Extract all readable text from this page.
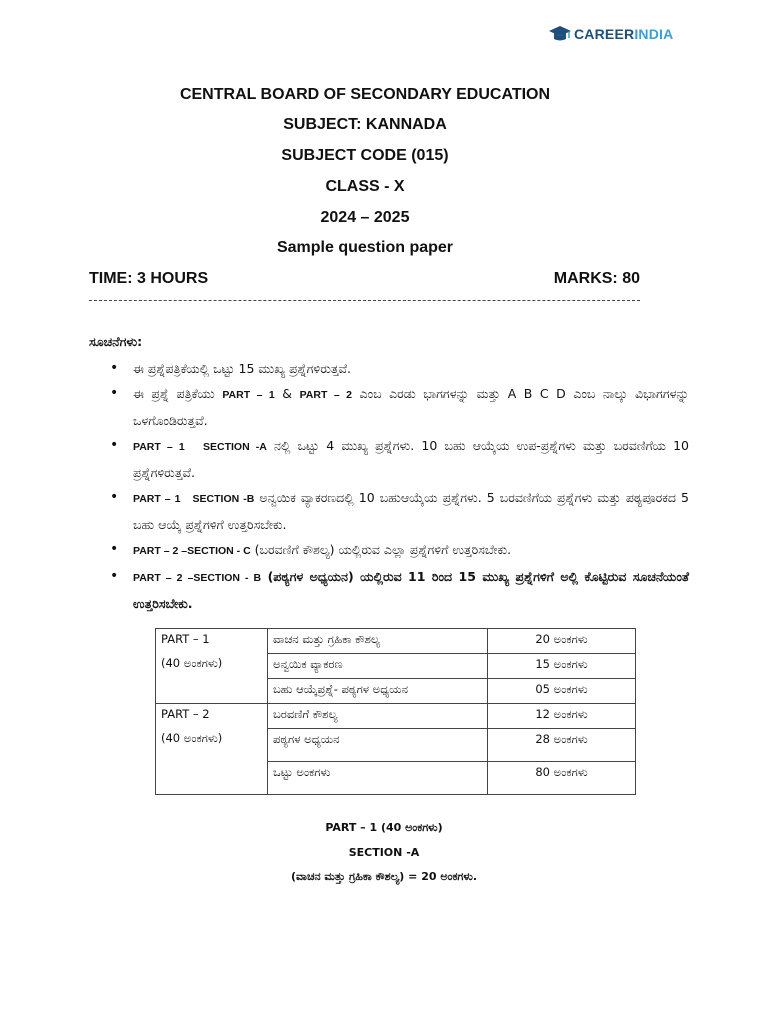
CAREERINDIA
CENTRAL BOARD OF SECONDARY EDUCATION
SUBJECT: KANNADA
SUBJECT CODE (015)
CLASS - X
2024 – 2025
Sample question paper
TIME: 3 HOURS	MARKS: 80
ಸೂಚನೆಗಳು:
• ಈ ಪ್ರಶ್ನೆಪತ್ರಿಕೆಯಲ್ಲಿ ಒಟ್ಟು 15 ಮುಖ್ಯ ಪ್ರಶ್ನೆಗಳಿರುತ್ತವೆ.
• ಈ ಪ್ರಶ್ನೆ ಪತ್ರಿಕೆಯು PART – 1 & PART – 2 ಎಂಬ ಎರಡು ಭಾಗಗಳನ್ನು ಮತ್ತು A B C D ಎಂಬ ನಾಲ್ಕು ವಿಭಾಗಗಳನ್ನು ಒಳಗೊಂಡಿರುತ್ತವೆ.
• PART – 1   SECTION -A ನಲ್ಲಿ ಒಟ್ಟು 4 ಮುಖ್ಯ ಪ್ರಶ್ನೆಗಳು. 10 ಬಹು ಆಯ್ಕೆಯ ಉಪ-ಪ್ರಶ್ನೆಗಳು ಮತ್ತು ಬರವಣಿಗೆಯ 10 ಪ್ರಶ್ನೆಗಳಿರುತ್ತವೆ.
• PART – 1   SECTION -B ಅನ್ವಯಿಕ ವ್ಯಾಕರಣದಲ್ಲಿ 10 ಬಹುಆಯ್ಕೆಯ ಪ್ರಶ್ನೆಗಳು. 5 ಬರವಣಿಗೆಯ ಪ್ರಶ್ನೆಗಳು ಮತ್ತು ಪಠ್ಯಪೂರಕದ 5 ಬಹು ಆಯ್ಕೆ ಪ್ರಶ್ನೆಗಳಿಗೆ ಉತ್ತರಿಸಬೇಕು.
• PART – 2 –SECTION - C (ಬರವಣಿಗೆ ಕೌಶಲ್ಯ) ಯಲ್ಲಿರುವ ಎಲ್ಲಾ ಪ್ರಶ್ನೆಗಳಿಗೆ ಉತ್ತರಿಸಬೇಕು.
• PART – 2 –SECTION - B (ಪಠ್ಯಗಳ ಅಧ್ಯಯನ) ಯಲ್ಲಿರುವ 11 ರಿಂದ 15 ಮುಖ್ಯ ಪ್ರಶ್ನೆಗಳಿಗೆ ಅಲ್ಲಿ ಕೊಟ್ಟಿರುವ ಸೂಚನೆಯಂತೆ ಉತ್ತರಿಸಬೇಕು.
PART – 1
(40 ಅಂಕಗಳು)	ವಾಚನ ಮತ್ತು ಗ್ರಹಿಕಾ ಕೌಶಲ್ಯ	20 ಅಂಕಗಳು
	ಅನ್ವಯಿಕ ವ್ಯಾಕರಣ	15 ಅಂಕಗಳು
	ಬಹು ಆಯ್ಕೆಪ್ರಶ್ನೆ- ಪಠ್ಯಗಳ ಅಧ್ಯಯನ	05 ಅಂಕಗಳು

PART – 2
(40 ಅಂಕಗಳು)	ಬರವಣಿಗೆ ಕೌಶಲ್ಯ	12 ಅಂಕಗಳು
	ಪಠ್ಯಗಳ ಅಧ್ಯಯನ	28 ಅಂಕಗಳು
	ಒಟ್ಟು ಅಂಕಗಳು	80 ಅಂಕಗಳು
PART – 1 (40 ಅಂಕಗಳು)
SECTION -A
(ವಾಚನ ಮತ್ತು ಗ್ರಹಿಕಾ ಕೌಶಲ್ಯ) = 20 ಅಂಕಗಳು.
